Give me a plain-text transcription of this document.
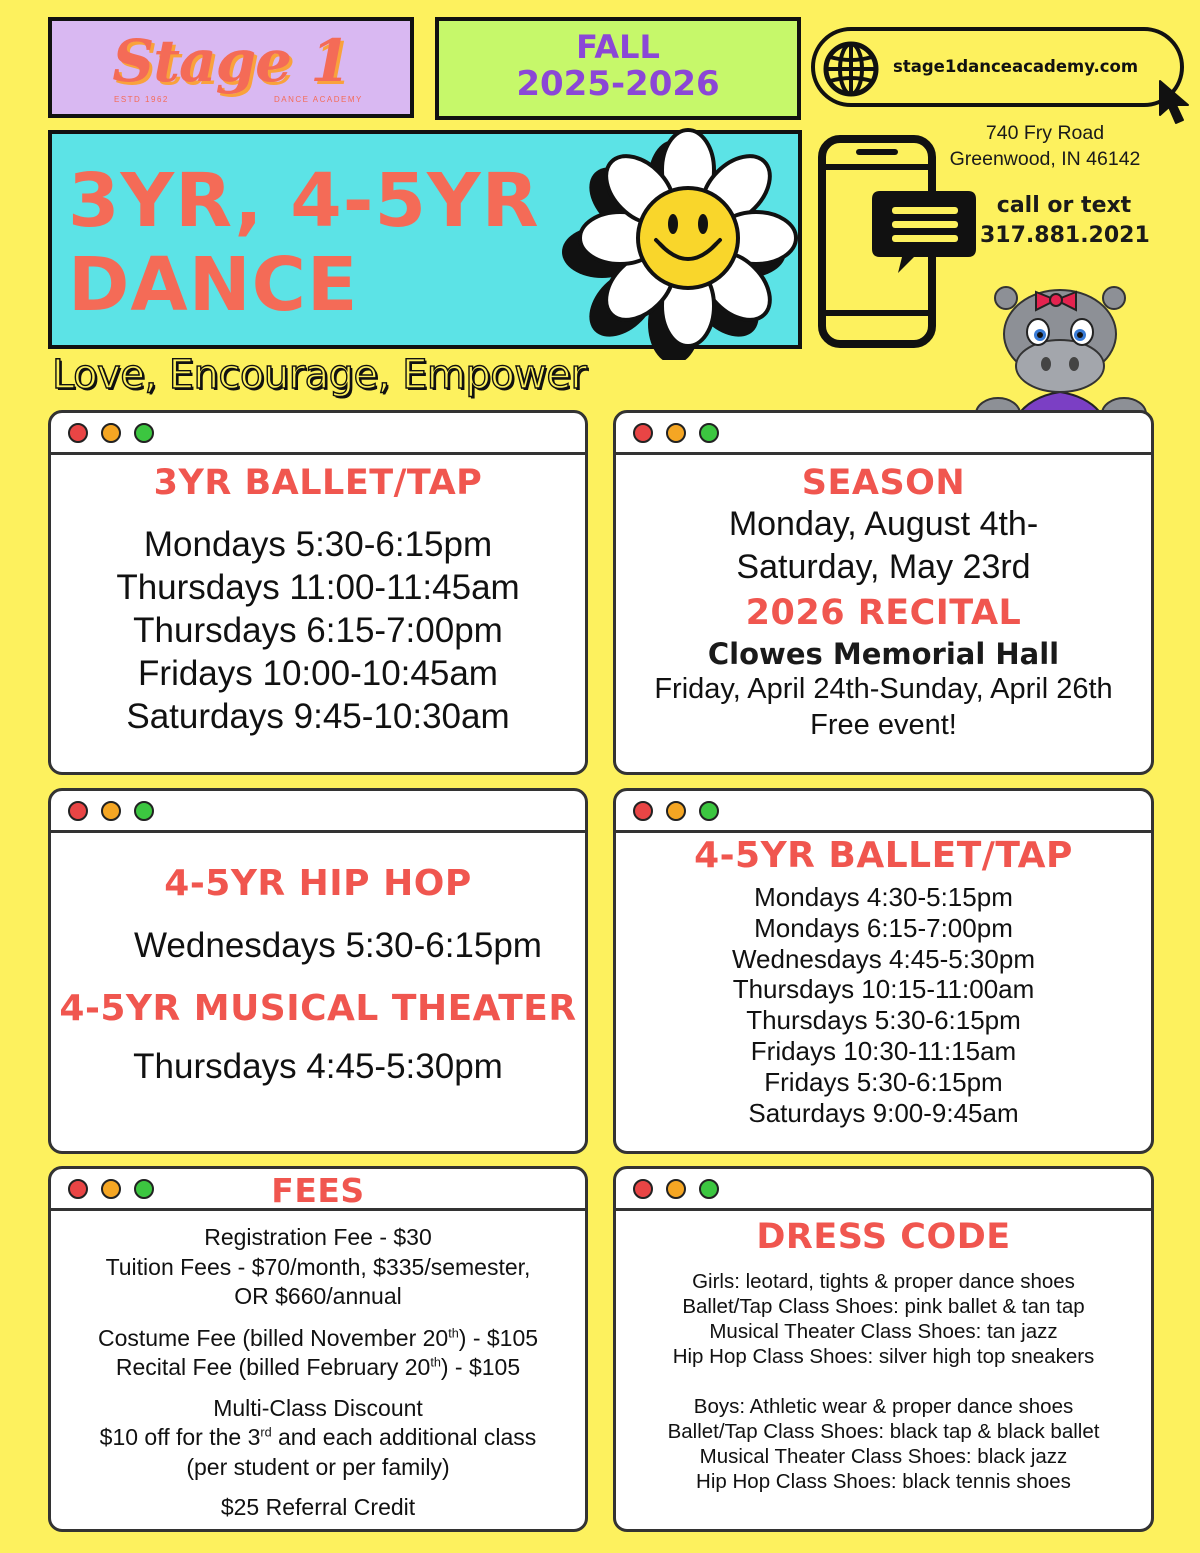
Stage 1
ESTD 1962	DANCE ACADEMY
FALL
2025-2026	stage1danceacademy.com
3YR, 4-5YR
DANCE
740 Fry Road
Greenwood, IN 46142
call or text
317.881.2021
Love, Encourage, Empower
3YR BALLET/TAP
Mondays 5:30-6:15pm
Thursdays 11:00-11:45am
Thursdays 6:15-7:00pm
Fridays 10:00-10:45am
Saturdays 9:45-10:30am
SEASON
Monday, August 4th-
Saturday, May 23rd
2026 RECITAL
Clowes Memorial Hall
Friday, April 24th-Sunday, April 26th
Free event!
4-5YR HIP HOP
Wednesdays 5:30-6:15pm
4-5YR MUSICAL THEATER
Thursdays 4:45-5:30pm
4-5YR BALLET/TAP
Mondays 4:30-5:15pm
Mondays 6:15-7:00pm
Wednesdays 4:45-5:30pm
Thursdays 10:15-11:00am
Thursdays 5:30-6:15pm
Fridays 10:30-11:15am
Fridays 5:30-6:15pm
Saturdays 9:00-9:45am
FEES
Registration Fee - $30
Tuition Fees - $70/month, $335/semester,
OR $660/annual
Costume Fee (billed November 20th) - $105
Recital Fee (billed February 20th) - $105
Multi-Class Discount
$10 off for the 3rd and each additional class
(per student or per family)
$25 Referral Credit
DRESS CODE
Girls: leotard, tights & proper dance shoes
Ballet/Tap Class Shoes: pink ballet & tan tap
Musical Theater Class Shoes: tan jazz
Hip Hop Class Shoes: silver high top sneakers
Boys: Athletic wear & proper dance shoes
Ballet/Tap Class Shoes: black tap & black ballet
Musical Theater Class Shoes: black jazz
Hip Hop Class Shoes: black tennis shoes
